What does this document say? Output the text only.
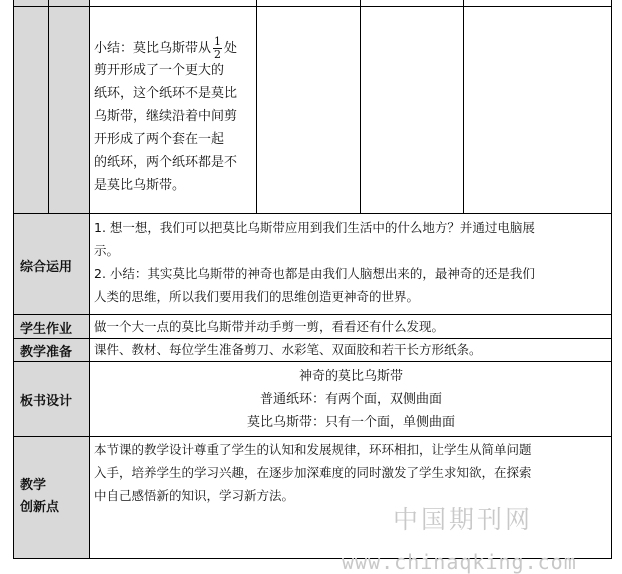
小结：莫比乌斯带从 $\frac{1}{2}$ 处
剪开形成了一个更大的
纸环，这个纸环不是莫比
乌斯带，继续沿着中间剪
开形成了两个套在一起
的纸环，两个纸环都是不
是莫比乌斯带。
综合运用
1. 想一想，我们可以把莫比乌斯带应用到我们生活中的什么地方？并通过电脑展
示。
2. 小结：其实莫比乌斯带的神奇也都是由我们人脑想出来的，最神奇的还是我们
人类的思维，所以我们要用我们的思维创造更神奇的世界。
学生作业 做一个大一点的莫比乌斯带并动手剪一剪，看看还有什么发现。
教学准备 课件、教材、每位学生准备剪刀、水彩笔、双面胶和若干长方形纸条。
板书设计
神奇的莫比乌斯带
普通纸环：有两个面，双侧曲面
莫比乌斯带：只有一个面，单侧曲面
教学
创新点
本节课的教学设计尊重了学生的认知和发展规律，环环相扣，让学生从简单问题
入手，培养学生的学习兴趣，在逐步加深难度的同时激发了学生求知欲，在探索
中自己感悟新的知识，学习新方法。
中国期刊网
www.chinaqking.com
